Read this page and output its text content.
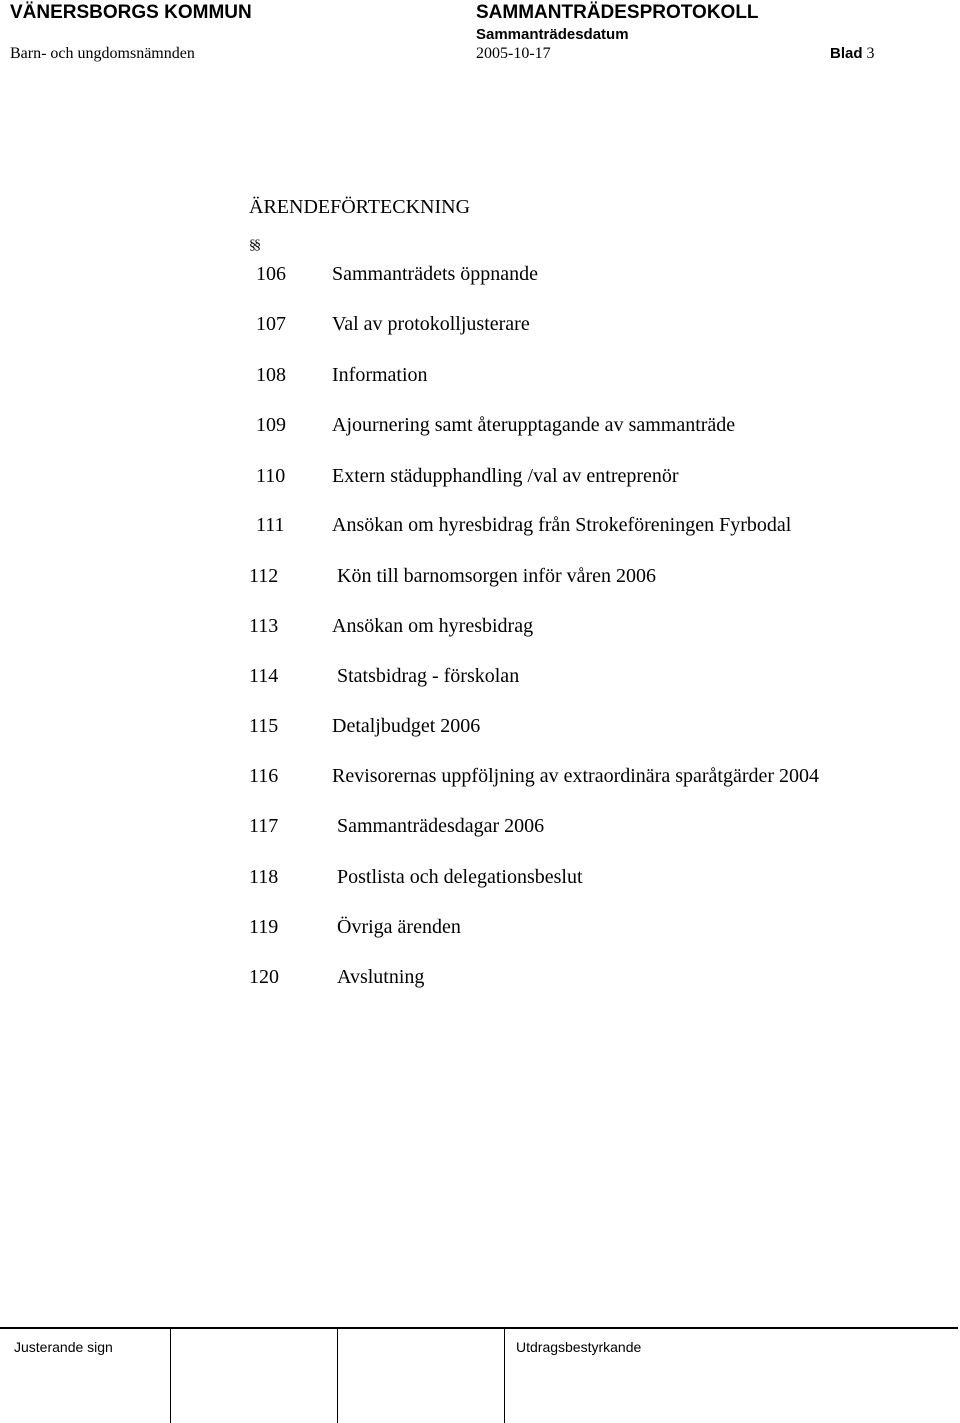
VÄNERSBORGS KOMMUN	SAMMANTRÄDESPROTOKOLL
Sammanträdesdatum
Barn- och ungdomsnämnden	2005-10-17	Blad 3
ÄRENDEFÖRTECKNING
§§
106 Sammanträdets öppnande
107 Val av protokolljusterare
108 Information
109 Ajournering samt återupptagande av sammanträde
110 Extern städupphandling /val av entreprenör
111 Ansökan om hyresbidrag från Strokeföreningen Fyrbodal
112	Kön till barnomsorgen inför våren 2006
113	Ansökan om hyresbidrag
114	Statsbidrag - förskolan
115	Detaljbudget 2006
116	Revisorernas uppföljning av extraordinära sparåtgärder 2004
117	Sammanträdesdagar 2006
118	Postlista och delegationsbeslut
119	Övriga ärenden
120	Avslutning
Justerande sign	Utdragsbestyrkande
